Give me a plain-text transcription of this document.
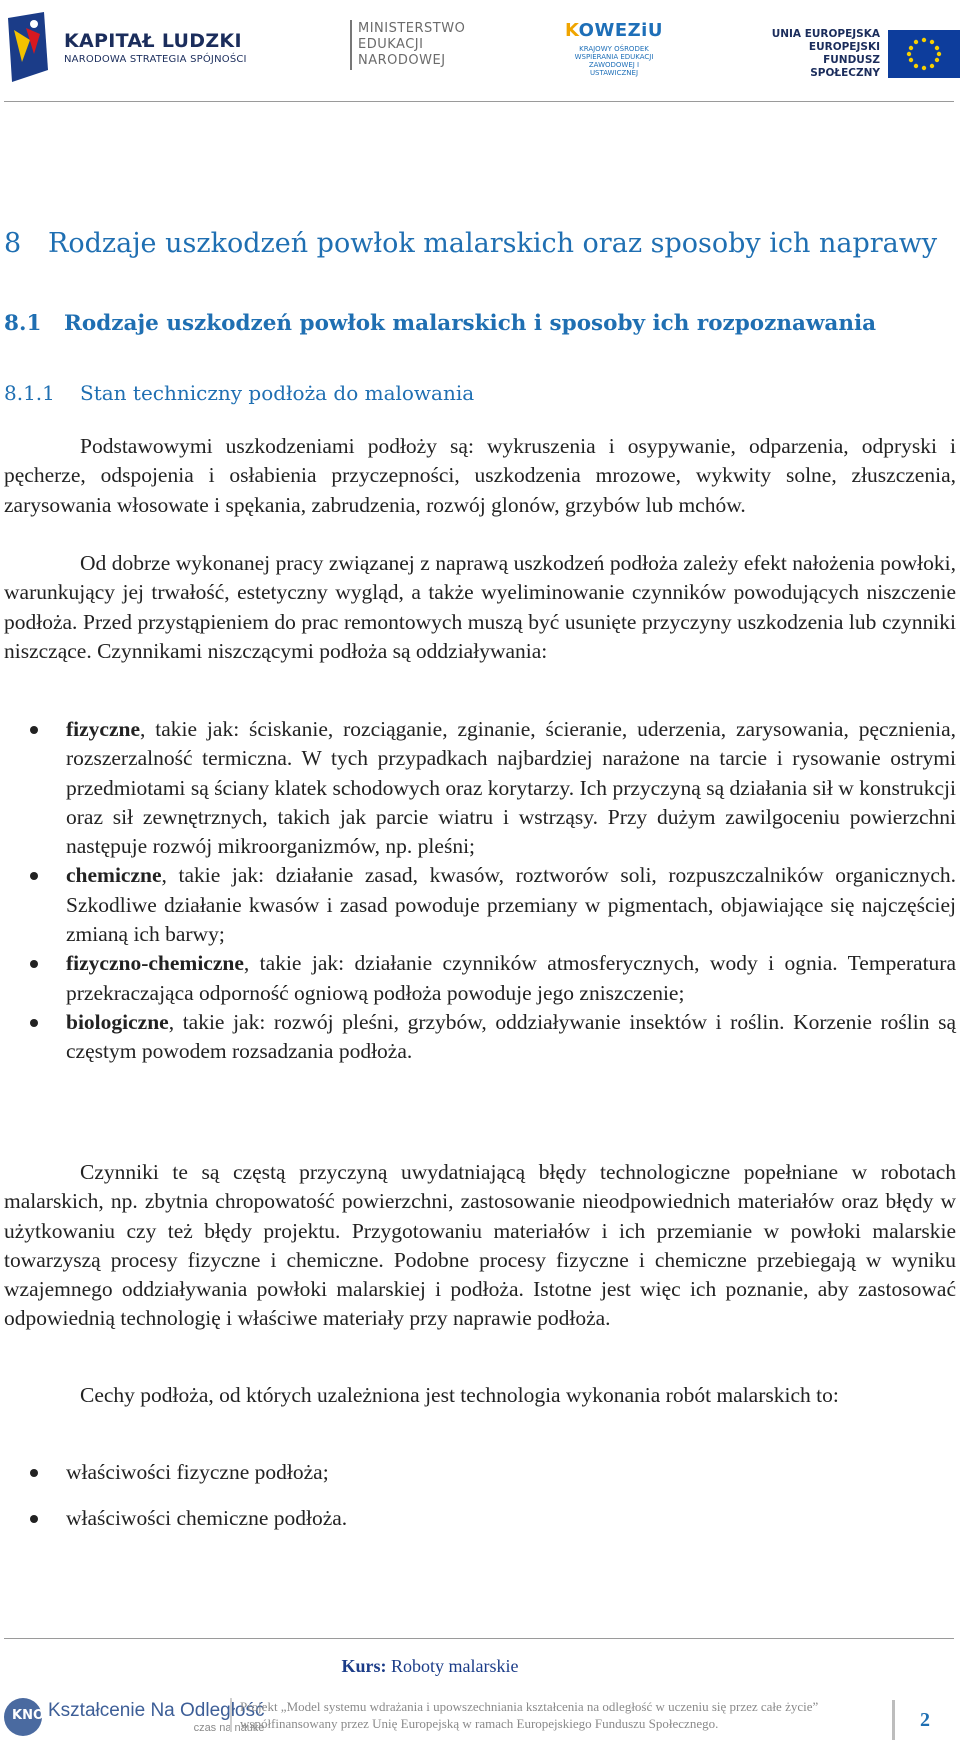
KAPITAŁ LUDZKI
NARODOWA STRATEGIA SPÓJNOŚCI
MINISTERSTWO
EDUKACJI
NARODOWEJ
KOWEZiU
KRAJOWY OŚRODEK WSPIERANIA EDUKACJI ZAWODOWEJ I USTAWICZNEJ
UNIA EUROPEJSKA
EUROPEJSKI
FUNDUSZ SPOŁECZNY
8 Rodzaje uszkodzeń powłok malarskich oraz sposoby ich naprawy
8.1 Rodzaje uszkodzeń powłok malarskich i sposoby ich rozpoznawania
8.1.1 Stan techniczny podłoża do malowania

Podstawowymi uszkodzeniami podłoży są: wykruszenia i osypywanie, odparzenia, odpryski i pęcherze, odspojenia i osłabienia przyczepności, uszkodzenia mrozowe, wykwity solne, złuszczenia, zarysowania włosowate i spękania, zabrudzenia, rozwój glonów, grzybów lub mchów.

Od dobrze wykonanej pracy związanej z naprawą uszkodzeń podłoża zależy efekt nałożenia powłoki, warunkujący jej trwałość, estetyczny wygląd, a także wyeliminowanie czynników powodujących niszczenie podłoża. Przed przystąpieniem do prac remontowych muszą być usunięte przyczyny uszkodzenia lub czynniki niszczące. Czynnikami niszczącymi podłoża są oddziaływania:

fizyczne, takie jak: ściskanie, rozciąganie, zginanie, ścieranie, uderzenia, zarysowania, pęcznienia, rozszerzalność termiczna. W tych przypadkach najbardziej narażone na tarcie i rysowanie ostrymi przedmiotami są ściany klatek schodowych oraz korytarzy. Ich przyczyną są działania sił w konstrukcji oraz sił zewnętrznych, takich jak parcie wiatru i wstrząsy. Przy dużym zawilgoceniu powierzchni następuje rozwój mikroorganizmów, np. pleśni;
chemiczne, takie jak: działanie zasad, kwasów, roztworów soli, rozpuszczalników organicznych. Szkodliwe działanie kwasów i zasad powoduje przemiany w pigmentach, objawiające się najczęściej zmianą ich barwy;
fizyczno-chemiczne, takie jak: działanie czynników atmosferycznych, wody i ognia. Temperatura przekraczająca odporność ogniową podłoża powoduje jego zniszczenie;
biologiczne, takie jak: rozwój pleśni, grzybów, oddziaływanie insektów i roślin. Korzenie roślin są częstym powodem rozsadzania podłoża.

Czynniki te są częstą przyczyną uwydatniającą błędy technologiczne popełniane w robotach malarskich, np. zbytnia chropowatość powierzchni, zastosowanie nieodpowiednich materiałów oraz błędy w użytkowaniu czy też błędy projektu. Przygotowaniu materiałów i ich przemianie w powłoki malarskie towarzyszą procesy fizyczne i chemiczne. Podobne procesy fizyczne i chemiczne przebiegają w wyniku wzajemnego oddziaływania powłoki malarskiej i podłoża. Istotne jest więc ich poznanie, aby zastosować odpowiednią technologię i właściwe materiały przy naprawie podłoża.

Cechy podłoża, od których uzależniona jest technologia wykonania robót malarskich to:

właściwości fizyczne podłoża;
właściwości chemiczne podłoża.
Kurs: Roboty malarskie
KNO Kształcenie Na Odległość
czas na nauke
Projekt „Model systemu wdrażania i upowszechniania kształcenia na odległość w uczeniu się przez całe życie”
współfinansowany przez Unię Europejską w ramach Europejskiego Funduszu Społecznego.	2
